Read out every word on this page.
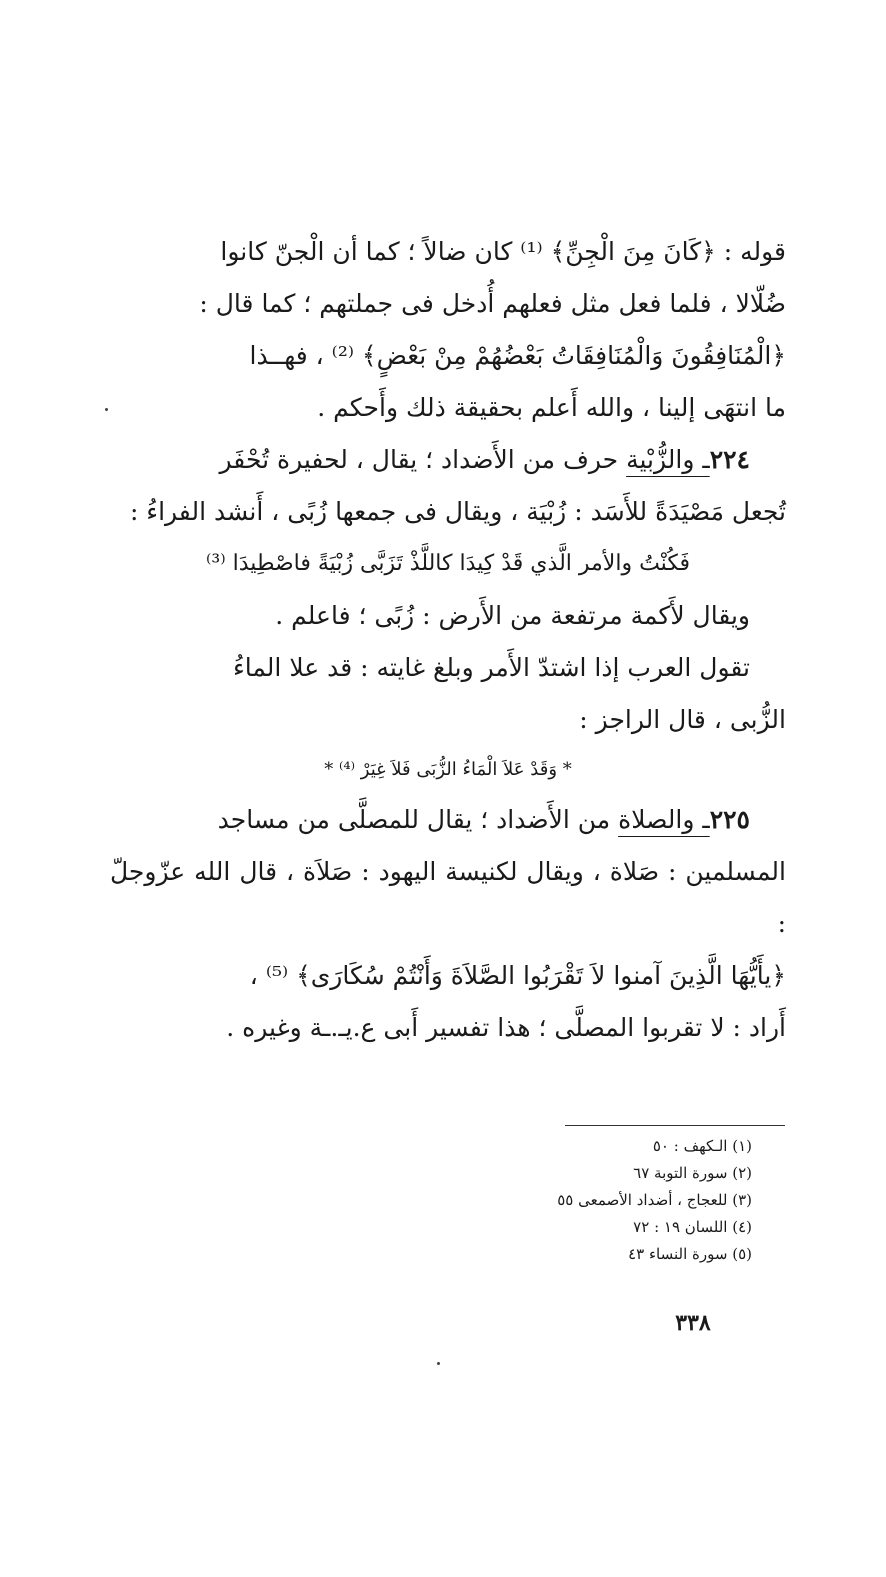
قوله : ﴿كَانَ مِنَ الْجِنِّ﴾ ⁽¹⁾ كان ضالاً ؛ كما أن الْجنّ كانوا

ضُلّالا ، فلما فعل مثل فعلهم أُدخل فى جملتهم ؛ كما قال :

﴿الْمُنَافِقُونَ وَالْمُنَافِقَاتُ بَعْضُهُمْ مِنْ بَعْضٍ﴾ ⁽²⁾ ، فهــذا

ما انتهَى إلينا ، والله أَعلم بحقيقة ذلك وأَحكم .

٢٢٤ـ والزُّبْية حرف من الأَضداد ؛ يقال ، لحفيرة تُحْفَر

تُجعل مَصْيَدَةً للأَسَد : زُبْيَة ، ويقال فى جمعها زُبًى ، أَنشد الفراءُ :

فَكُنْتُ والأمر الَّذي قَدْ كِيدَا كاللَّذْ تَزَبَّى زُبْيَةً فاصْطِيدَا ⁽³⁾

ويقال لأَكمة مرتفعة من الأَرض : زُبًى ؛ فاعلم .

تقول العرب إذا اشتدّ الأَمر وبلغ غايته : قد علا الماءُ

الزُّبى ، قال الراجز :

* وَقَدْ عَلاَ الْمَاءُ الزُّبَى فَلاَ غِيَرْ ⁽⁴⁾ *

٢٢٥ـ والصلاة من الأَضداد ؛ يقال للمصلَّى من مساجد

المسلمين : صَلاة ، ويقال لكنيسة اليهود : صَلاَة ، قال الله عزّوجلّ :

﴿يأَيُّهَا الَّذِينَ آمنوا لاَ تَقْرَبُوا الصَّلاَةَ وَأَنْتُمْ سُكَارَى﴾ ⁽⁵⁾ ،

أَراد : لا تقربوا المصلَّى ؛ هذا تفسير أَبى ع.يـ.ـة وغيره .

(١) الـكهف : ٥٠
(٢) سورة التوبة ٦٧
(٣) للعجاج ، أضداد الأصمعى ٥٥
(٤) اللسان ١٩ : ٧٢
(٥) سورة النساء ٤٣
٣٣٨
